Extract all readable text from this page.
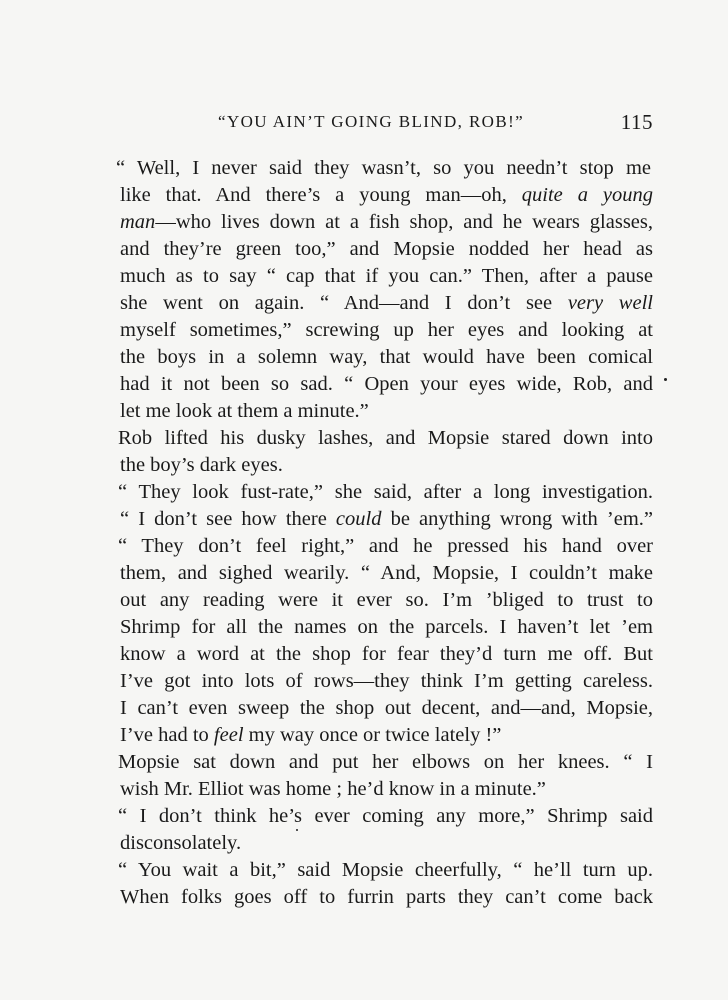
“YOU AIN’T GOING BLIND, ROB!”	115
“ Well, I never said they wasn’t, so you needn’t stop me
like that. And there’s a young man—oh, quite a young
man—who lives down at a fish shop, and he wears glasses,
and they’re green too,” and Mopsie nodded her head as
much as to say “ cap that if you can.” Then, after a pause
she went on again. “ And—and I don’t see very well
myself sometimes,” screwing up her eyes and looking at
the boys in a solemn way, that would have been comical
had it not been so sad. “ Open your eyes wide, Rob, and
let me look at them a minute.”
Rob lifted his dusky lashes, and Mopsie stared down into
the boy’s dark eyes.
“ They look fust-rate,” she said, after a long investigation.
“ I don’t see how there could be anything wrong with ’em.”
“ They don’t feel right,” and he pressed his hand over
them, and sighed wearily. “ And, Mopsie, I couldn’t make
out any reading were it ever so. I’m ’bliged to trust to
Shrimp for all the names on the parcels. I haven’t let ’em
know a word at the shop for fear they’d turn me off. But
I’ve got into lots of rows—they think I’m getting careless.
I can’t even sweep the shop out decent, and—and, Mopsie,
I’ve had to feel my way once or twice lately !”
Mopsie sat down and put her elbows on her knees. “ I
wish Mr. Elliot was home ; he’d know in a minute.”
“ I don’t think he’s ever coming any more,” Shrimp said
disconsolately.
“ You wait a bit,” said Mopsie cheerfully, “ he’ll turn up.
When folks goes off to furrin parts they can’t come back
